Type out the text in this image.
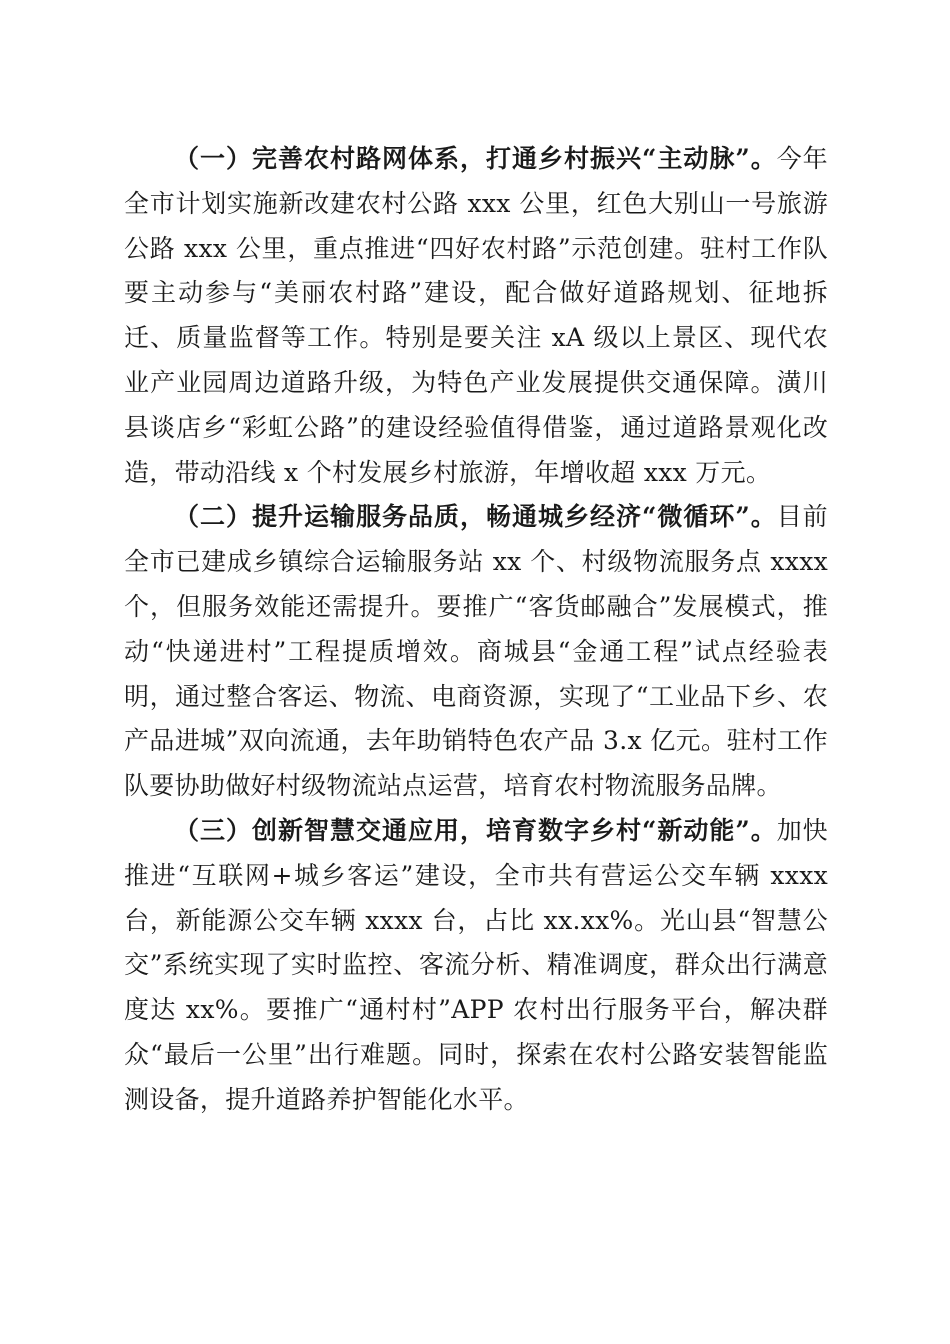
（一）完善农村路网体系，打通乡村振兴“主动脉”。今年全市计划实施新改建农村公路 xxx 公里，红色大别山一号旅游公路 xxx 公里，重点推进“四好农村路”示范创建。驻村工作队要主动参与“美丽农村路”建设，配合做好道路规划、征地拆迁、质量监督等工作。特别是要关注 xA 级以上景区、现代农业产业园周边道路升级，为特色产业发展提供交通保障。潢川县谈店乡“彩虹公路”的建设经验值得借鉴，通过道路景观化改造，带动沿线 x 个村发展乡村旅游，年增收超 xxx 万元。

（二）提升运输服务品质，畅通城乡经济“微循环”。目前全市已建成乡镇综合运输服务站 xx 个、村级物流服务点 xxxx 个，但服务效能还需提升。要推广“客货邮融合”发展模式，推动“快递进村”工程提质增效。商城县“金通工程”试点经验表明，通过整合客运、物流、电商资源，实现了“工业品下乡、农产品进城”双向流通，去年助销特色农产品 3.x 亿元。驻村工作队要协助做好村级物流站点运营，培育农村物流服务品牌。

（三）创新智慧交通应用，培育数字乡村“新动能”。加快推进“互联网+城乡客运”建设，全市共有营运公交车辆 xxxx 台，新能源公交车辆 xxxx 台，占比 xx.xx%。光山县“智慧公交”系统实现了实时监控、客流分析、精准调度，群众出行满意度达 xx%。要推广“通村村”APP 农村出行服务平台，解决群众“最后一公里”出行难题。同时，探索在农村公路安装智能监测设备，提升道路养护智能化水平。
